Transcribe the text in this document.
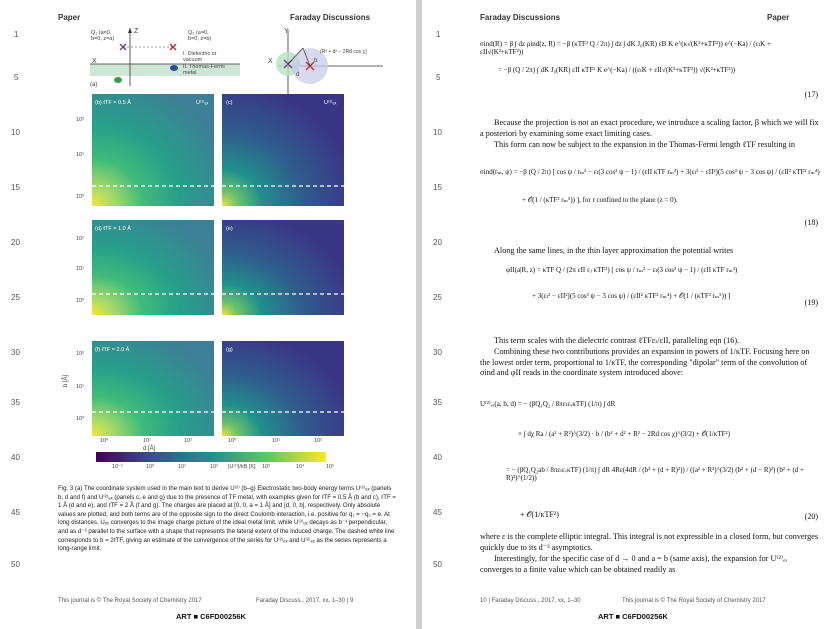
Paper	Faraday Discussions
1
5
10
15
20
25
30
35
40
45
50
Q₁ (a=0, b=0, z=a)
Q₂ (a=0, b=0, z=b)
I. Dielectric or vacuum
II. Thomas-Fermi metal
Z
X
Y
X	b
d
(R² + d² − 2Rd cos χ)
(a)
(b) ℓTF = 0.5 Å	U⁽²⁾ₑₓ	(c)	U⁽²⁾ₑₓ
(d) ℓTF = 1.0 Å	(e)
(f) ℓTF = 2.0 Å	(g)
10²
10¹
10⁰
10²
10¹
10⁰
10²
10¹
10⁰
b [Å]
10⁰	10¹	10²	10⁰	10¹	10²
d [Å]
10⁻¹	10⁰	10¹	10²	10³	10⁴	10⁵
|U⁽²⁾|/kB [K]
Fig. 3 (a) The coordinate system used in the main text to derive U⁽²⁾ (b–g) Electrostatic two-body energy terms U⁽²⁾ₑₓ (panels b, d and f) and U⁽²⁾ₑₓ (panels c, e and g) due to the presence of TF metal, with examples given for ℓTF = 0.5 Å (b and c), ℓTF = 1 Å (d and e), and ℓTF = 2 Å (f and g). The charges are placed at [0, 0, a = 1 Å] and [d, 0, b], respectively. Only absolute values are plotted, and both terms are of the opposite sign to the direct Coulomb interaction, i.e. positive for q₁ = −q₂ = e. At long distances, Uₑₓ converges to the image charge picture of the ideal metal limit, while U⁽²⁾ₑₓ decays as b⁻³ perpendicular, and as d⁻³ parallel to the surface with a shape that represents the lateral extent of the induced charge. The dashed white line corresponds to b = 2ℓTF, giving an estimate of the convergence of the series for U⁽²⁾ₑₓ and U⁽²⁾ₑₓ as the series represents a long-range limit.
This journal is © The Royal Society of Chemistry 2017	Faraday Discuss., 2017, xx, 1–30 | 9
ART ■ C6FD00256K
Faraday Discussions	Paper
1
5
10
15
20
25
30
35
40
45
50
σind(R) = β ∫ dz ρind(z, R) = −β (κTF² Q / 2π) ∫ dz ∫ dK J₀(KR) εB K e^(κ√(K²+κTF²)) e^(−Ka) / (εₗK + εII√(K²+κTF²))
= −β (Q / 2π) ∫ dK J₀(KR) εII κTF² K e^(−Ka) / ((εₗK + εII√(K²+κTF²)) √(K²+κTF²))
(17)
Because the projection is not an exact procedure, we introduce a scaling factor, β which we will fix a posteriori by examining some exact limiting cases.
This form can now be subject to the expansion in the Thomas-Fermi length ℓTF resulting in
σind(rₘ, ψ) = −β (Q / 2π) [ cos ψ / rₘ² − εₗ(3 cos² ψ − 1) / (εII κTF rₘ³) + 3(εₗ² − εII²)(5 cos³ ψ − 3 cos ψ) / (εII² κTF² rₘ⁴)
+ 𝒪(1 / (κTF³ rₘ⁵)) ], for r confined to the plane (z = 0).
(18)
Along the same lines, in the thin layer approximation the potential writes
φII(a|R, z) = κTF Q / (2π εII εⱼ κTF²) [ cos ψ / rₘ² − εₗ(3 cos² ψ − 1) / (εII κTF rₘ³)
+ 3(εₗ² − εII²)(5 cos³ ψ − 3 cos ψ) / (εII² κTF² rₘ⁴) + 𝒪(1 / (κTF³ rₘ⁵)) ]
(19)
This term scales with the dielectric contrast ℓTFεₗ/εII, paralleling eqn (16).
Combining these two contributions provides an expansion in powers of 1/κTF. Focusing here on the lowest order term, proportional to 1/κTF, the corresponding "dipolar" term of the convolution of σind and φII reads in the coordinate system introduced above:
U⁽²⁾ₑₓ(a, b, d) = − (βQ₁Q₂ / 8πεₗεᵥκTF) (1/π) ∫ dR
× ∫ dχ Ra / (a² + R²)^(3/2) · b / (b² + d² + R² − 2Rd cos χ)^(3/2) + 𝒪(1/κTF²)
= − (βQ₁Q₂ab / 8πεₗεᵥκTF) (1/π) ∫ dR 4Rε(4dR / (b² + (d + R)²)) / ((a² + R²)^(3/2) (b² + (d − R)²) (b² + (d + R)²)^(1/2))
+ 𝒪(1/κTF²)	(20)
where ε is the complete elliptic integral. This integral is not expressible in a closed form, but converges quickly due to its d⁻³ asymptotics.
Interestingly, for the specific case of d → 0 and a = b (same axis), the expansion for U⁽²⁾ₑₓ converges to a finite value which can be obtained readily as
10 | Faraday Discuss., 2017, xx, 1–30	This journal is © The Royal Society of Chemistry 2017
ART ■ C6FD00256K
